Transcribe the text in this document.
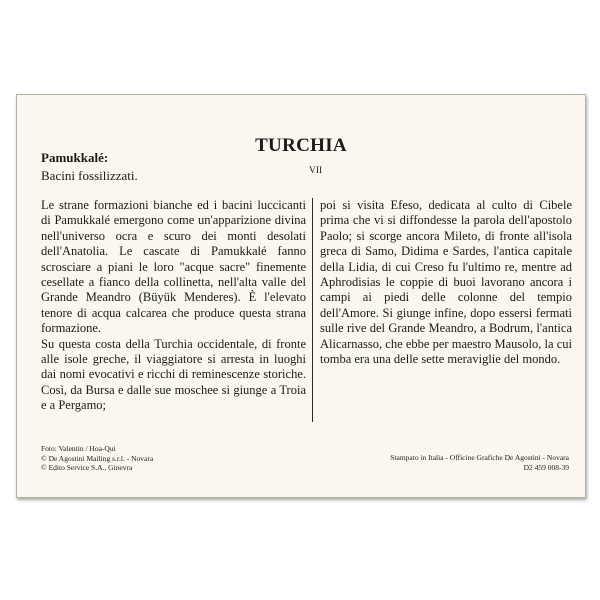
TURCHIA
Pamukkalé:
Bacini fossilizzati.	VII

Le strane formazioni bianche ed i bacini luccicanti di Pamukkalé emergono come un'apparizione divina nell'universo ocra e scuro dei monti desolati dell'Anatolia. Le cascate di Pamukkalé fanno scrosciare a piani le loro "acque sacre" finemente cesellate a fianco della collinetta, nell'alta valle del Grande Meandro (Büyük Menderes). È l'elevato tenore di acqua calcarea che produce questa strana formazione.

Su questa costa della Turchia occidentale, di fronte alle isole greche, il viaggiatore si arresta in luoghi dai nomi evocativi e ricchi di reminescenze storiche. Così, da Bursa e dalle sue moschee si giunge a Troia e a Pergamo;

poi si visita Efeso, dedicata al culto di Cibele prima che vi si diffondesse la parola dell'apostolo Paolo; si scorge ancora Mileto, di fronte all'isola greca di Samo, Didima e Sardes, l'antica capitale della Lidia, di cui Creso fu l'ultimo re, mentre ad Aphrodisias le coppie di buoi lavorano ancora i campi ai piedi delle colonne del tempio dell'Amore. Si giunge infine, dopo essersi fermati sulle rive del Grande Meandro, a Bodrum, l'antica Alicarnasso, che ebbe per maestro Mausolo, la cui tomba era una delle sette meraviglie del mondo.

Foto: Valentin / Hoa-Qui
© De Agostini Mailing s.r.l. - Novara
© Edito Service S.A., Ginevra
Stampato in Italia - Officine Grafiche De Agostini - Novara
D2 459 008-39
